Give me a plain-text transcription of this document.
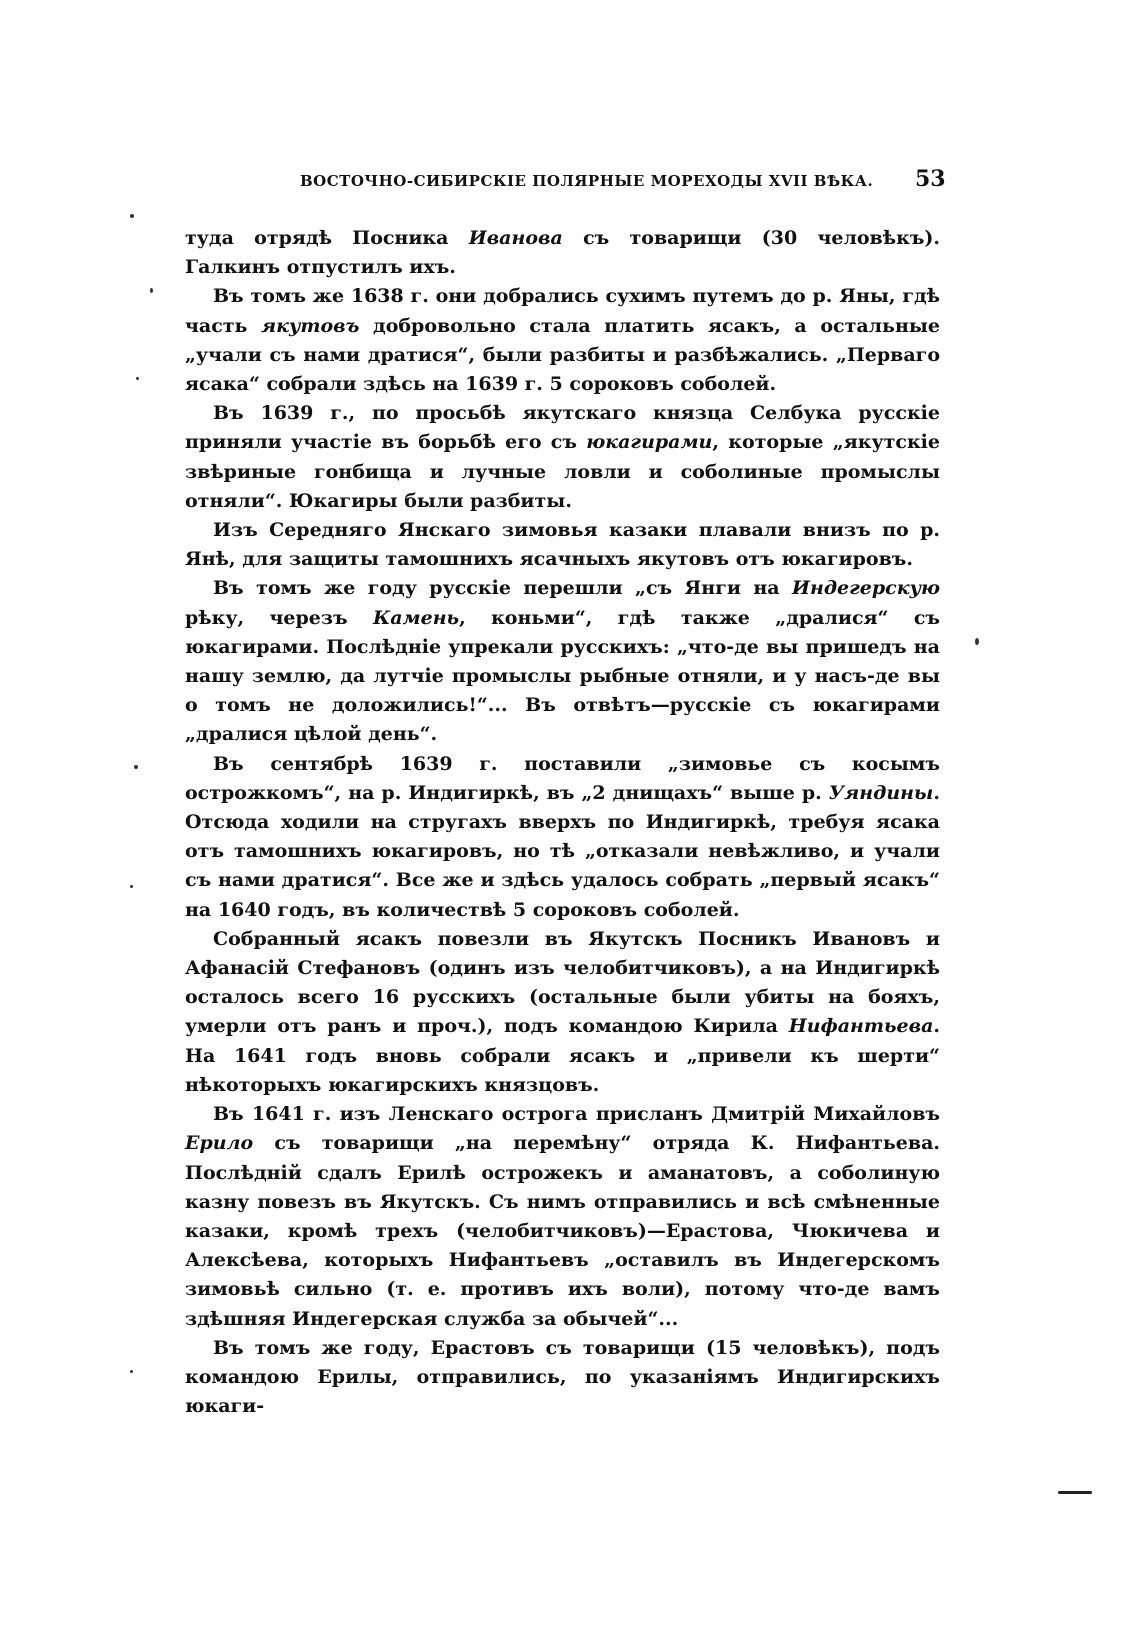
ВОСТОЧНО-СИБИРСКІЕ ПОЛЯРНЫЕ МОРЕХОДЫ XVII ВѢКА.	53

туда отрядѣ Посника Иванова съ товарищи (30 человѣкъ). Галкинъ отпустилъ ихъ.

Въ томъ же 1638 г. они добрались сухимъ путемъ до р. Яны, гдѣ часть якутовъ добровольно стала платить ясакъ, а остальные „учали съ нами дратися“, были разбиты и разбѣжались. „Перваго ясака“ собрали здѣсь на 1639 г. 5 сороковъ соболей.

Въ 1639 г., по просьбѣ якутскаго князца Селбука русскіе приняли участіе въ борьбѣ его съ юкагирами, которые „якутскіе звѣриные гонбища и лучные ловли и соболиные промыслы отняли“. Юкагиры были разбиты.

Изъ Середняго Янскаго зимовья казаки плавали внизъ по р. Янѣ, для защиты тамошнихъ ясачныхъ якутовъ отъ юкагировъ.

Въ томъ же году русскіе перешли „съ Янги на Индегерскую рѣку, черезъ Камень, коньми“, гдѣ также „дралися“ съ юкагирами. Послѣдніе упрекали русскихъ: „что-де вы пришедъ на нашу землю, да лутчіе промыслы рыбные отняли, и у насъ-де вы о томъ не доложились!“... Въ отвѣтъ—русскіе съ юкагирами „дралися цѣлой день“.

Въ сентябрѣ 1639 г. поставили „зимовье съ косымъ острожкомъ“, на р. Индигиркѣ, въ „2 днищахъ“ выше р. Уяндины. Отсюда ходили на стругахъ вверхъ по Индигиркѣ, требуя ясака отъ тамошнихъ юкагировъ, но тѣ „отказали невѣжливо, и учали съ нами дратися“. Все же и здѣсь удалось собрать „первый ясакъ“ на 1640 годъ, въ количествѣ 5 сороковъ соболей.

Собранный ясакъ повезли въ Якутскъ Посникъ Ивановъ и Афанасій Стефановъ (одинъ изъ челобитчиковъ), а на Индигиркѣ осталось всего 16 русскихъ (остальные были убиты на бояхъ, умерли отъ ранъ и проч.), подъ командою Кирила Нифантьева. На 1641 годъ вновь собрали ясакъ и „привели къ шерти“ нѣкоторыхъ юкагирскихъ князцовъ.

Въ 1641 г. изъ Ленскаго острога присланъ Дмитрій Михайловъ Ерило съ товарищи „на перемѣну“ отряда К. Нифантьева. Послѣдній сдалъ Ерилѣ острожекъ и аманатовъ, а соболиную казну повезъ въ Якутскъ. Съ нимъ отправились и всѣ смѣненные казаки, кромѣ трехъ (челобитчиковъ)—Ерастова, Чюкичева и Алексѣева, которыхъ Нифантьевъ „оставилъ въ Индегерскомъ зимовьѣ сильно (т. е. противъ ихъ воли), потому что-де вамъ здѣшняя Индегерская служба за обычей“...

Въ томъ же году, Ерастовъ съ товарищи (15 человѣкъ), подъ командою Ерилы, отправились, по указаніямъ Индигирскихъ юкаги-
